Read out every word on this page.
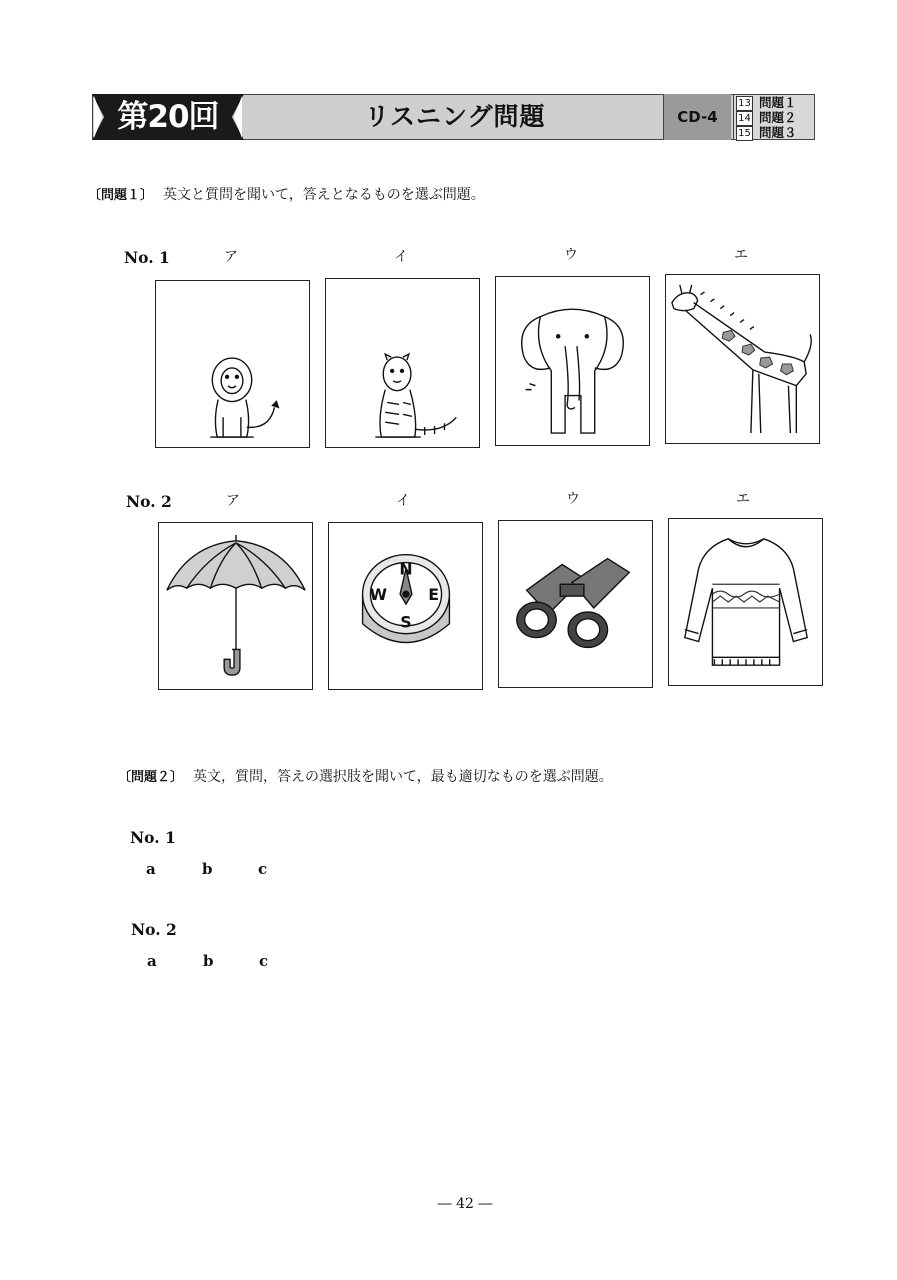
第20回	リスニング問題	CD-4
13 問題１
14 問題２
15 問題３
〔問題１〕 英文と質問を聞いて，答えとなるものを選ぶ問題。
No. 1	ア	イ	ウ	エ
No. 2	ア	イ	ウ	エ
N
E
S
W
〔問題２〕 英文，質問，答えの選択肢を聞いて，最も適切なものを選ぶ問題。
No. 1
a	b	c
No. 2
a	b	c
― 42 ―
